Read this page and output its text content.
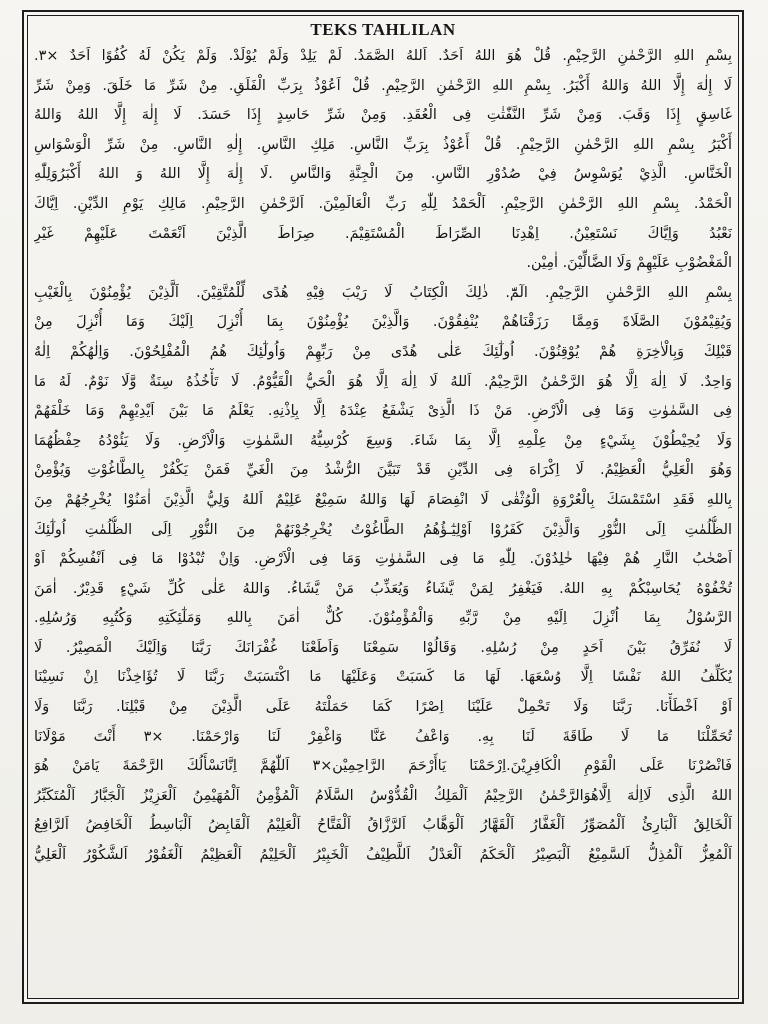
TEKS TAHLILAN
بِسْمِ اللهِ الرَّحْمٰنِ الرَّحِيْمِ. قُلْ هُوَ اللهُ اَحَدٌ. اَللهُ الصَّمَدُ. لَمْ يَلِدْ وَلَمْ يُوْلَدْ. وَلَمْ يَكُنْ لَهُ كُفُوًا اَحَدٌ ×٣.
لَا إِلٰهَ إِلَّا اللهُ وَاللهُ أَكْبَرُ. بِسْمِ اللهِ الرَّحْمٰنِ الرَّحِيْمِ. قُلْ اَعُوْذُ بِرَبِّ الْفَلَقِ. مِنْ شَرِّ مَا خَلَقَ. وَمِنْ شَرِّ
غَاسِقٍ إِذَا وَقَبَ. وَمِنْ شَرِّ النَّفّٰثٰتِ فِى الْعُقَدِ. وَمِنْ شَرِّ حَاسِدٍ إِذَا حَسَدَ. لَا إِلٰهَ إِلَّا اللهُ وَاللهُ
أَكْبَرُ بِسْمِ اللهِ الرَّحْمٰنِ الرَّحِيْمِ. قُلْ أَعُوْذُ بِرَبِّ النَّاسِ. مَلِكِ النَّاسِ. إِلٰهِ النَّاسِ. مِنْ شَرِّ الْوَسْوَاسِ
الْخَنَّاسِ. الَّذِيْ يُوَسْوِسُ فِيْ صُدُوْرِ النَّاسِ. مِنَ الْجِنَّةِ وَالنَّاسِ .لَا إِلٰهَ إِلَّا اللهُ وَ اللهُ أَكْبَرُوَلِلّٰهِ
الْحَمْدُ. بِسْمِ اللهِ الرَّحْمٰنِ الرَّحِيْمِ. اَلْحَمْدُ لِلّٰهِ رَبِّ الْعَالَمِيْنَ. اَلرَّحْمٰنِ الرَّحِيْمِ. مَالِكِ يَوْمِ الدِّيْنِ. اِيَّاكَ
نَعْبُدُ وَاِيَّاكَ نَسْتَعِيْنُ. اِهْدِنَا الصِّرَاطَ الْمُسْتَقِيْمَ. صِرَاطَ الَّذِيْنَ اَنْعَمْتَ عَلَيْهِمْ غَيْرِ
الْمَغْضُوْبِ عَلَيْهِمْ وَلَا الضَّالِّيْنَ. اٰمِيْن.
بِسْمِ اللهِ الرَّحْمٰنِ الرَّحِيْمِ. الٓمّٓ. ذٰلِكَ الْكِتَابُ لَا رَيْبَ فِيْهِ هُدًى لِّلْمُتَّقِيْنَ. اَلَّذِيْنَ يُؤْمِنُوْنَ بِالْغَيْبِ
وَيُقِيْمُوْنَ الصَّلَاةَ وَمِمَّا رَزَقْنَاهُمْ يُنْفِقُوْنَ. وَالَّذِيْنَ يُؤْمِنُوْنَ بِمَا أُنْزِلَ اِلَيْكَ وَمَا أُنْزِلَ مِنْ
قَبْلِكَ وَبِالْاٰخِرَةِ هُمْ يُوْقِنُوْنَ. اُولٰٓئِكَ عَلٰى هُدًى مِنْ رَبِّهِمْ وَاُولٰٓئِكَ هُمُ الْمُفْلِحُوْنَ. وَاِلٰهُكُمْ اِلٰهٌ
وَاحِدٌ. لَا اِلٰهَ اِلَّا هُوَ الرَّحْمٰنُ الرَّحِيْمُ. اَللهُ لَا اِلٰهَ اِلَّا هُوَ الْحَيُّ الْقَيُّوْمُ. لَا تَأْخُذُهُ سِنَةٌ وَّلَا نَوْمٌ. لَهُ مَا
فِى السَّمٰوٰتِ وَمَا فِى الْاَرْضِ. مَنْ ذَا الَّذِىْ يَشْفَعُ عِنْدَهُ اِلَّا بِاِذْنِهِ. يَعْلَمُ مَا بَيْنَ اَيْدِيْهِمْ وَمَا خَلْفَهُمْ
وَلَا يُحِيْطُوْنَ بِشَيْءٍ مِنْ عِلْمِهِ اِلَّا بِمَا شَاءَ. وَسِعَ كُرْسِيُّهُ السَّمٰوٰتِ وَالْاَرْضِ. وَلَا يَئُوْدُهُ حِفْظُهُمَا
وَهُوَ الْعَلِيُّ الْعَظِيْمُ. لَا اِكْرَاهَ فِى الدِّيْنِ قَدْ تَبَيَّنَ الرُّشْدُ مِنَ الْغَيِّ فَمَنْ يَكْفُرْ بِالطَّاغُوْتِ وَيُؤْمِنْ
بِاللهِ فَقَدِ اسْتَمْسَكَ بِالْعُرْوَةِ الْوُثْقٰى لَا انْفِصَامَ لَهَا وَاللهُ سَمِيْعٌ عَلِيْمٌ اَللهُ وَلِيُّ الَّذِيْنَ اٰمَنُوْا يُخْرِجُهُمْ مِنَ
الظُّلُمٰتِ اِلَى النُّوْرِ وَالَّذِيْنَ كَفَرُوْا اَوْلِيٰٓـؤُهُمُ الطَّاغُوْتُ يُخْرِجُوْنَهُمْ مِنَ النُّوْرِ اِلَى الظُّلُمٰتِ اُولٰٓئِكَ
اَصْحٰبُ النَّارِ هُمْ فِيْهَا خٰلِدُوْنَ. لِلّٰهِ مَا فِى السَّمٰوٰتِ وَمَا فِى الْاَرْضِ. وَاِنْ تُبْدُوْا مَا فِى اَنْفُسِكُمْ اَوْ
تُخْفُوْهُ يُحَاسِبْكُمْ بِهِ اللهُ. فَيَغْفِرُ لِمَنْ يَّشَاءُ وَيُعَذِّبُ مَنْ يَّشَاءُ. وَاللهُ عَلٰى كُلِّ شَيْءٍ قَدِيْرٌ. اٰمَنَ
الرَّسُوْلُ بِمَا اُنْزِلَ اِلَيْهِ مِنْ رَّبِّهِ وَالْمُؤْمِنُوْنَ. كُلٌّ اٰمَنَ بِاللهِ وَمَلٰٓئِكَتِهِ وَكُتُبِهِ وَرُسُلِهِ.
لَا نُفَرِّقُ بَيْنَ اَحَدٍ مِنْ رُسُلِهِ. وَقَالُوْا سَمِعْنَا وَاَطَعْنَا غُفْرَانَكَ رَبَّنَا وَاِلَيْكَ الْمَصِيْرُ. لَا
يُكَلِّفُ اللهُ نَفْسًا اِلَّا وُسْعَهَا. لَهَا مَا كَسَبَتْ وَعَلَيْهَا مَا اكْتَسَبَتْ رَبَّنَا لَا تُؤَاخِذْنَا اِنْ نَسِيْنَا
اَوْ اَخْطَأْنَا. رَبَّنَا وَلَا تَحْمِلْ عَلَيْنَا اِصْرًا كَمَا حَمَلْتَهُ عَلَى الَّذِيْنَ مِنْ قَبْلِنَا. رَبَّنَا وَلَا
تُحَمِّلْنَا مَا لَا طَاقَةَ لَنَا بِهِ. وَاعْفُ عَنَّا وَاغْفِرْ لَنَا وَارْحَمْنَا. ×٣ أَنْتَ مَوْلَانَا
فَانْصُرْنَا عَلَى الْقَوْمِ الْكَافِرِيْنَ.اِرْحَمْنَا يَاأَرْحَمَ الرَّاحِمِيْن×٣ اَللّٰهُمَّ اِنَّانَسْأَلُكَ الرَّحْمَةَ يَامَنْ هُوَ
اللهُ الَّذِى لَااِلٰهَ اِلَّاهُوَالرَّحْمٰنُ الرَّحِيْمُ اَلْمَلِكُ الْقُدُّوْسُ السَّلَامُ اَلْمُؤْمِنُ اَلْمُهَيْمِنُ اَلْعَزِيْزُ اَلْجَبَّارُ اَلْمُتَكَبِّرُ
اَلْخَالِقُ اَلْبَارِئُ اَلْمُصَوِّرُ اَلْغَفَّارُ اَلْقَهَّارُ اَلْوَهَّابُ اَلرَّزَّاقُ اَلْفَتَّاحُ اَلْعَلِيْمُ اَلْقَابِضُ اَلْبَاسِطُ اَلْخَافِضُ اَلرَّافِعُ
اَلْمُعِزُّ اَلْمُذِلُّ اَلسَّمِيْعُ اَلْبَصِيْرُ اَلْحَكَمُ اَلْعَدْلُ اَللَّطِيْفُ اَلْخَبِيْرُ اَلْحَلِيْمُ اَلْعَظِيْمُ اَلْغَفُوْرُ اَلشَّكُوْرُ اَلْعَلِيُّ
